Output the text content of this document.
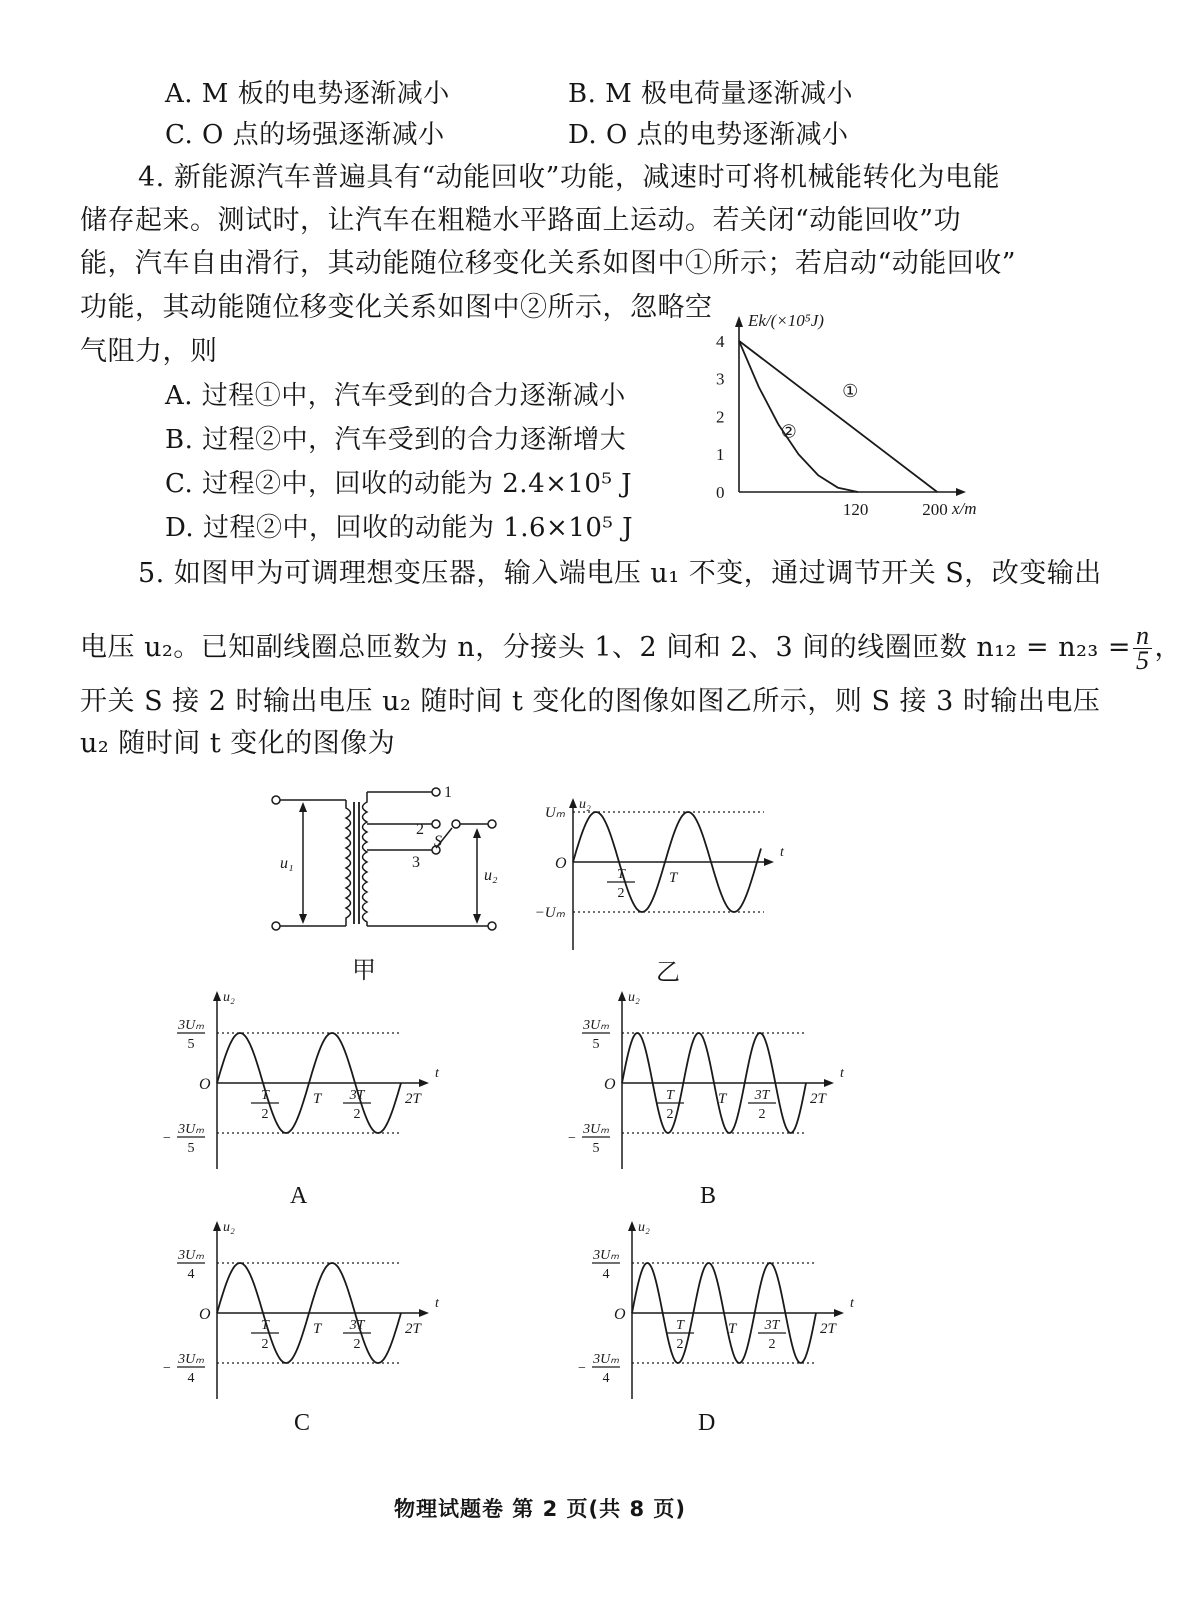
A. M 板的电势逐渐减小	B. M 极电荷量逐渐减小
C. O 点的场强逐渐减小	D. O 点的电势逐渐减小
4. 新能源汽车普遍具有“动能回收”功能，减速时可将机械能转化为电能
储存起来。测试时，让汽车在粗糙水平路面上运动。若关闭“动能回收”功
能，汽车自由滑行，其动能随位移变化关系如图中①所示；若启动“动能回收”
功能，其动能随位移变化关系如图中②所示，忽略空
气阻力，则
A. 过程①中，汽车受到的合力逐渐减小
B. 过程②中，汽车受到的合力逐渐增大
C. 过程②中，回收的动能为 2.4×10⁵ J
D. 过程②中，回收的动能为 1.6×10⁵ J
Ek/(×10⁵J)
x/m
0
1
2
3
4
120	200
①
②
5. 如图甲为可调理想变压器，输入端电压 u₁ 不变，通过调节开关 S，改变输出
电压 u₂。已知副线圈总匝数为 n，分接头 1、2 间和 2、3 间的线圈匝数 $n_{12} = n_{23} = \frac{n}{5}$ ，
开关 S 接 2 时输出电压 u₂ 随时间 t 变化的图像如图乙所示，则 S 接 3 时输出电压
u₂ 随时间 t 变化的图像为
1
2
3
S
u₁
u₂
甲
u₂
t
O
Uₘ
−Uₘ
T
2
T
乙
u₂
t
O
3Uₘ
5
−
3Uₘ
5
T
2
T 3T
2
2T
A
u₂
t
O
3Uₘ
5
−
3Uₘ
5
T
2
T 3T
2
2T
B
u₂
t
O
3Uₘ
4
−
3Uₘ
4
T
2
T 3T
2
2T
C
u₂
t
O
3Uₘ
4
−
3Uₘ
4
T
2
T 3T
2
2T
D
物理试题卷 第 2 页(共 8 页)
